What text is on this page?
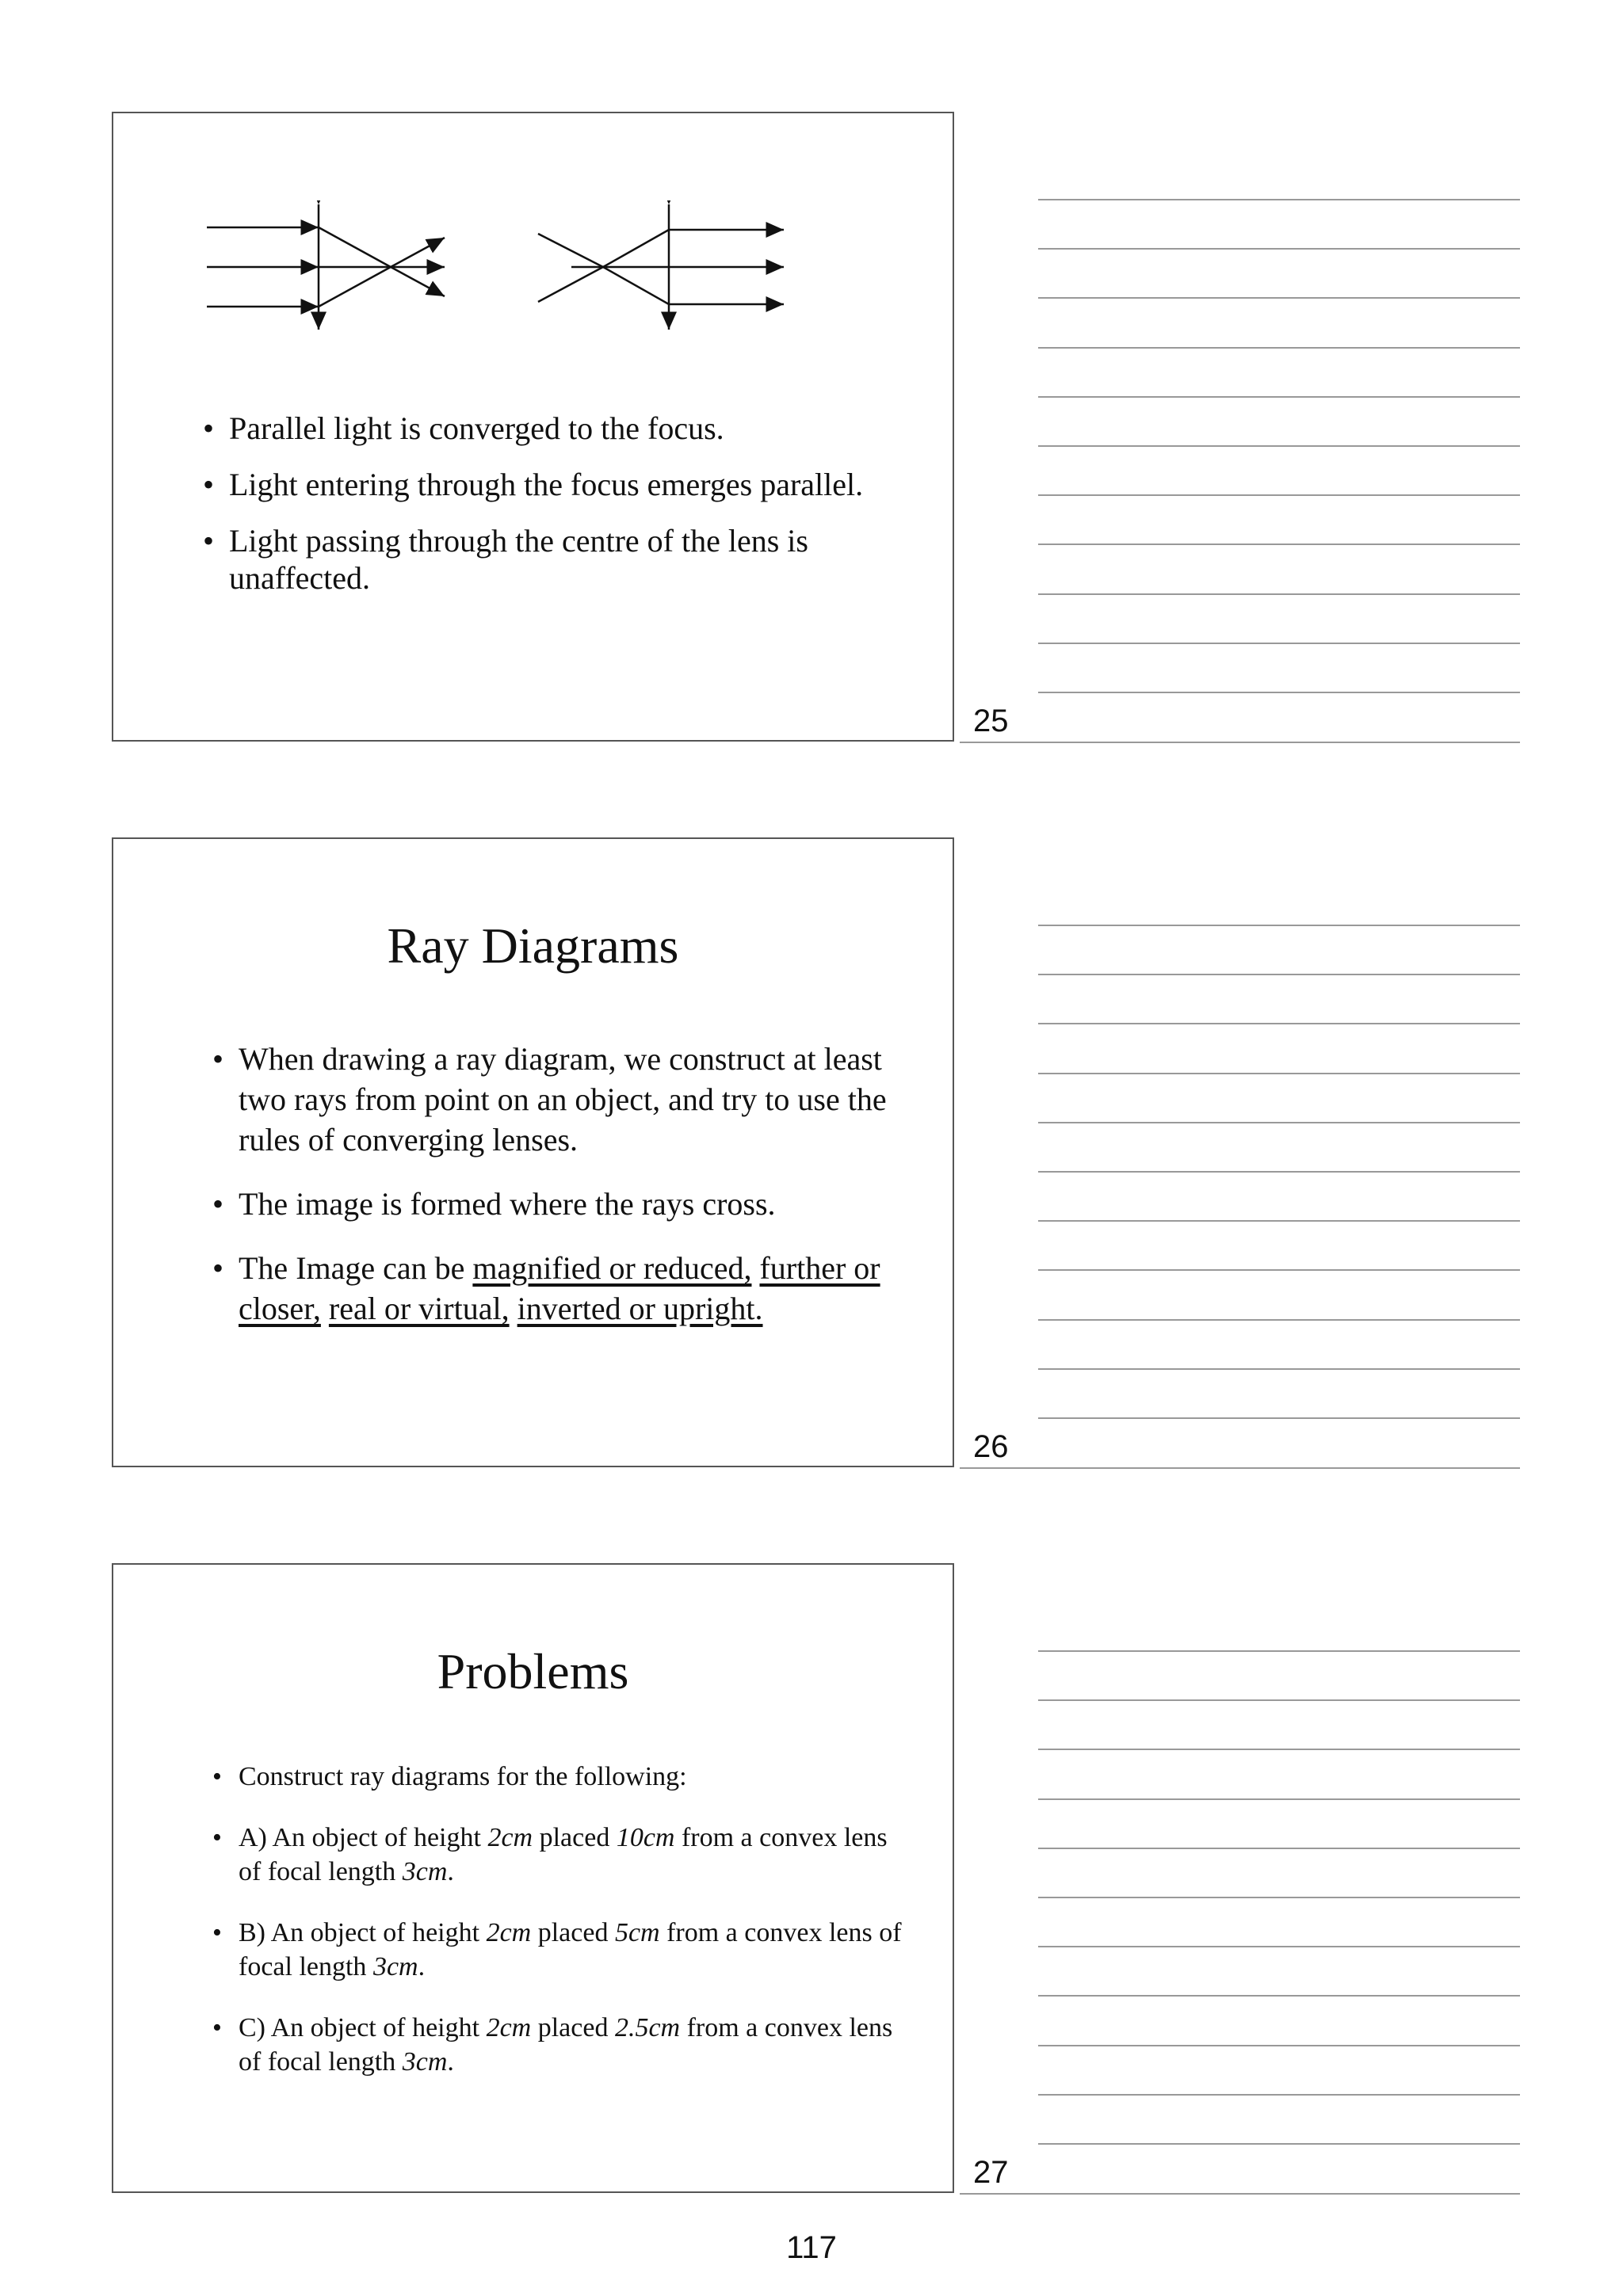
• Parallel light is converged to the focus.
• Light entering through the focus emerges parallel.
• Light passing through the centre of the lens is unaffected.
25
Ray Diagrams
• When drawing a ray diagram, we construct at least two rays from point on an object, and try to use the rules of converging lenses.
• The image is formed where the rays cross.
• The Image can be magnified or reduced, further or closer, real or virtual, inverted or upright.
26
Problems
• Construct ray diagrams for the following:
• A) An object of height 2cm placed 10cm from a convex lens of focal length 3cm.
• B) An object of height 2cm placed 5cm from a convex lens of focal length 3cm.
• C) An object of height 2cm placed 2.5cm from a convex lens of focal length 3cm.
27
117
